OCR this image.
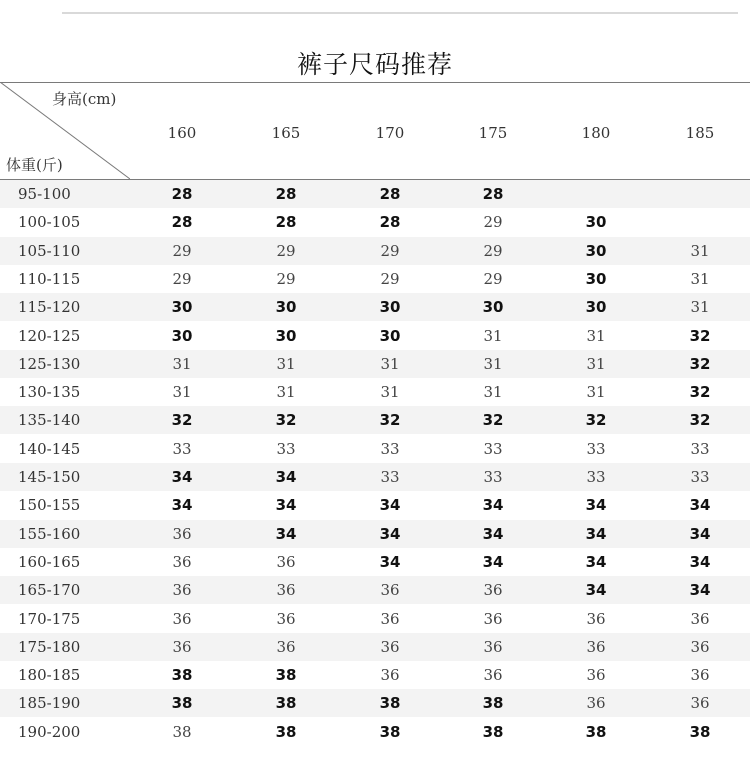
裤子尺码推荐
身高(cm)
体重(斤)
160	165	170	175	180	185
95-100	28	28	28	28
100-105	28	28	28	29	30
105-110	29	29	29	29	30	31
110-115	29	29	29	29	30	31
115-120	30	30	30	30	30	31
120-125	30	30	30	31	31	32
125-130	31	31	31	31	31	32
130-135	31	31	31	31	31	32
135-140	32	32	32	32	32	32
140-145	33	33	33	33	33	33
145-150	34	34	33	33	33	33
150-155	34	34	34	34	34	34
155-160	36	34	34	34	34	34
160-165	36	36	34	34	34	34
165-170	36	36	36	36	34	34
170-175	36	36	36	36	36	36
175-180	36	36	36	36	36	36
180-185	38	38	36	36	36	36
185-190	38	38	38	38	36	36
190-200	38	38	38	38	38	38
